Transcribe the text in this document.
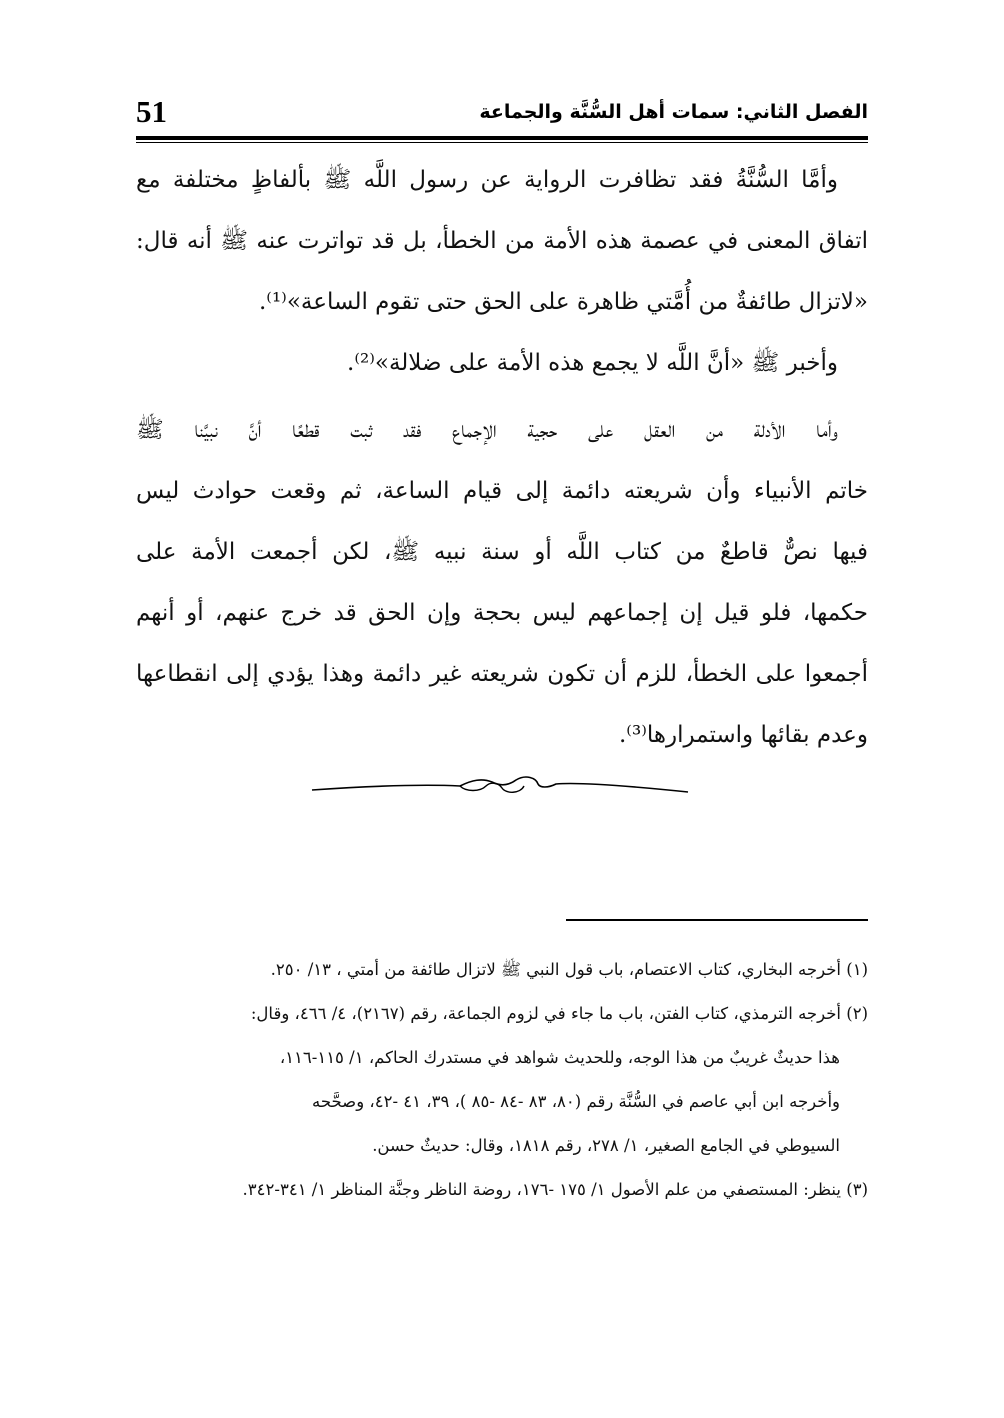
51	الفصل الثاني: سمات أهل السُّنَّة والجماعة
وأمَّا السُّنَّةُ فقد تظافرت الرواية عن رسول اللَّه ﷺ بألفاظٍ مختلفة مع
اتفاق المعنى في عصمة هذه الأمة من الخطأ، بل قد تواترت عنه ﷺ أنه قال:
«لاتزال طائفةٌ من أُمَّتي ظاهرة على الحق حتى تقوم الساعة»⁽¹⁾.
وأخبر ﷺ «أنَّ اللَّه لا يجمع هذه الأمة على ضلالة»⁽²⁾.
وأما الأدلة من العقل على حجية الإجماع فقد ثبت قطعًا أنَّ نبيَّنا ﷺ
خاتم الأنبياء وأن شريعته دائمة إلى قيام الساعة، ثم وقعت حوادث ليس
فيها نصٌّ قاطعٌ من كتاب اللَّه أو سنة نبيه ﷺ، لكن أجمعت الأمة على
حكمها، فلو قيل إن إجماعهم ليس بحجة وإن الحق قد خرج عنهم، أو أنهم
أجمعوا على الخطأ، للزم أن تكون شريعته غير دائمة وهذا يؤدي إلى انقطاعها
وعدم بقائها واستمرارها⁽³⁾.
(١) أخرجه البخاري، كتاب الاعتصام، باب قول النبي ﷺ لاتزال طائفة من أمتي ، ١٣/ ٢٥٠.
(٢) أخرجه الترمذي، كتاب الفتن، باب ما جاء في لزوم الجماعة، رقم (٢١٦٧)، ٤/ ٤٦٦، وقال:
هذا حديثٌ غريبٌ من هذا الوجه، وللحديث شواهد في مستدرك الحاكم، ١/ ١١٥-١١٦،
وأخرجه ابن أبي عاصم في السُّنَّة رقم (٨٠، ٨٣ -٨٤ -٨٥ )، ٣٩، ٤١ -٤٢، وصحَّحه
السيوطي في الجامع الصغير، ١/ ٢٧٨، رقم ١٨١٨، وقال: حديثٌ حسن.
(٣) ينظر: المستصفي من علم الأصول ١/ ١٧٥ -١٧٦، روضة الناظر وجنَّة المناظر ١/ ٣٤١-٣٤٢.
